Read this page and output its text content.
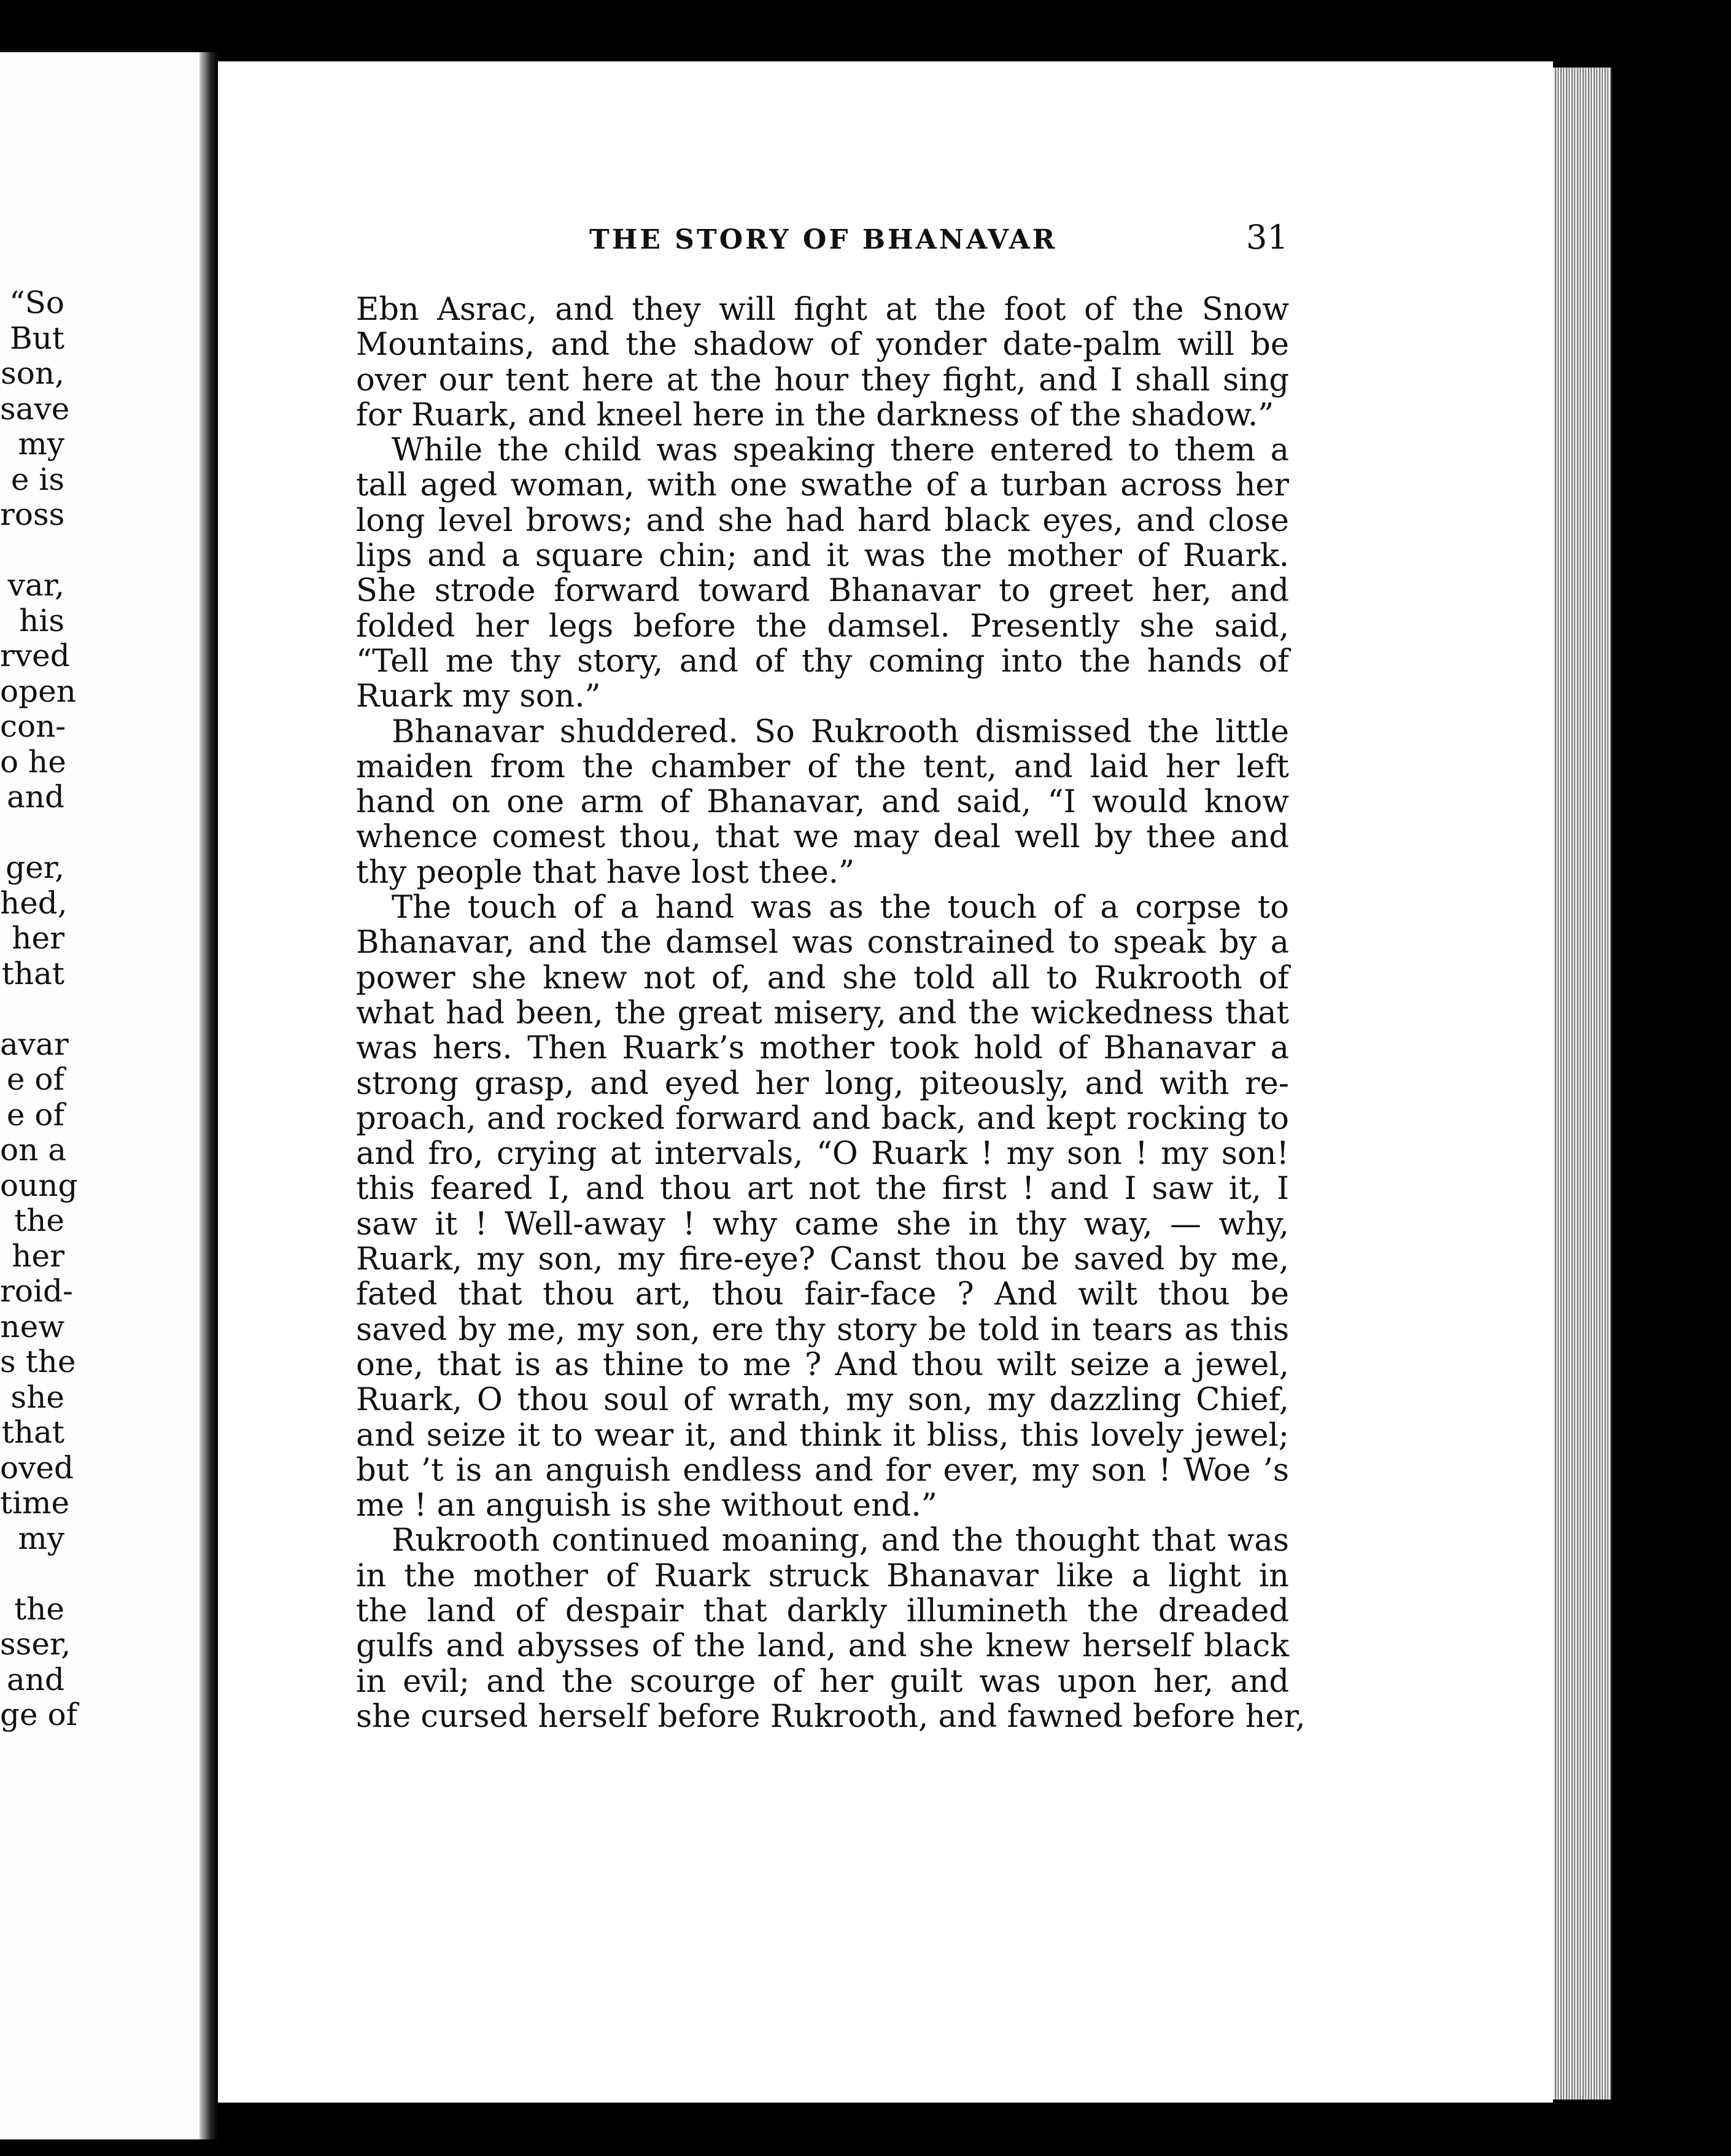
“So
But
son,
save
my
e is
ross
var,
his
rved
open
con-
o he
and
ger,
hed,
her
that
avar
e of
e of
on a
oung
the
her
roid-
new
s the
she
that
oved
time
my
the
sser,
and
ge of
THE STORY OF BHANAVAR	31
Ebn Asrac, and they will fight at the foot of the Snow
Mountains, and the shadow of yonder date-palm will be
over our tent here at the hour they fight, and I shall sing
for Ruark, and kneel here in the darkness of the shadow.”
While the child was speaking there entered to them a
tall aged woman, with one swathe of a turban across her
long level brows; and she had hard black eyes, and close
lips and a square chin; and it was the mother of Ruark.
She strode forward toward Bhanavar to greet her, and
folded her legs before the damsel. Presently she said,
“Tell me thy story, and of thy coming into the hands of
Ruark my son.”
Bhanavar shuddered. So Rukrooth dismissed the little
maiden from the chamber of the tent, and laid her left
hand on one arm of Bhanavar, and said, “I would know
whence comest thou, that we may deal well by thee and
thy people that have lost thee.”
The touch of a hand was as the touch of a corpse to
Bhanavar, and the damsel was constrained to speak by a
power she knew not of, and she told all to Rukrooth of
what had been, the great misery, and the wickedness that
was hers. Then Ruark’s mother took hold of Bhanavar a
strong grasp, and eyed her long, piteously, and with re-
proach, and rocked forward and back, and kept rocking to
and fro, crying at intervals, “O Ruark ! my son ! my son!
this feared I, and thou art not the first ! and I saw it, I
saw it ! Well-away ! why came she in thy way, — why,
Ruark, my son, my fire-eye? Canst thou be saved by me,
fated that thou art, thou fair-face ? And wilt thou be
saved by me, my son, ere thy story be told in tears as this
one, that is as thine to me ? And thou wilt seize a jewel,
Ruark, O thou soul of wrath, my son, my dazzling Chief,
and seize it to wear it, and think it bliss, this lovely jewel;
but ’t is an anguish endless and for ever, my son ! Woe ’s
me ! an anguish is she without end.”
Rukrooth continued moaning, and the thought that was
in the mother of Ruark struck Bhanavar like a light in
the land of despair that darkly illumineth the dreaded
gulfs and abysses of the land, and she knew herself black
in evil; and the scourge of her guilt was upon her, and
she cursed herself before Rukrooth, and fawned before her,
